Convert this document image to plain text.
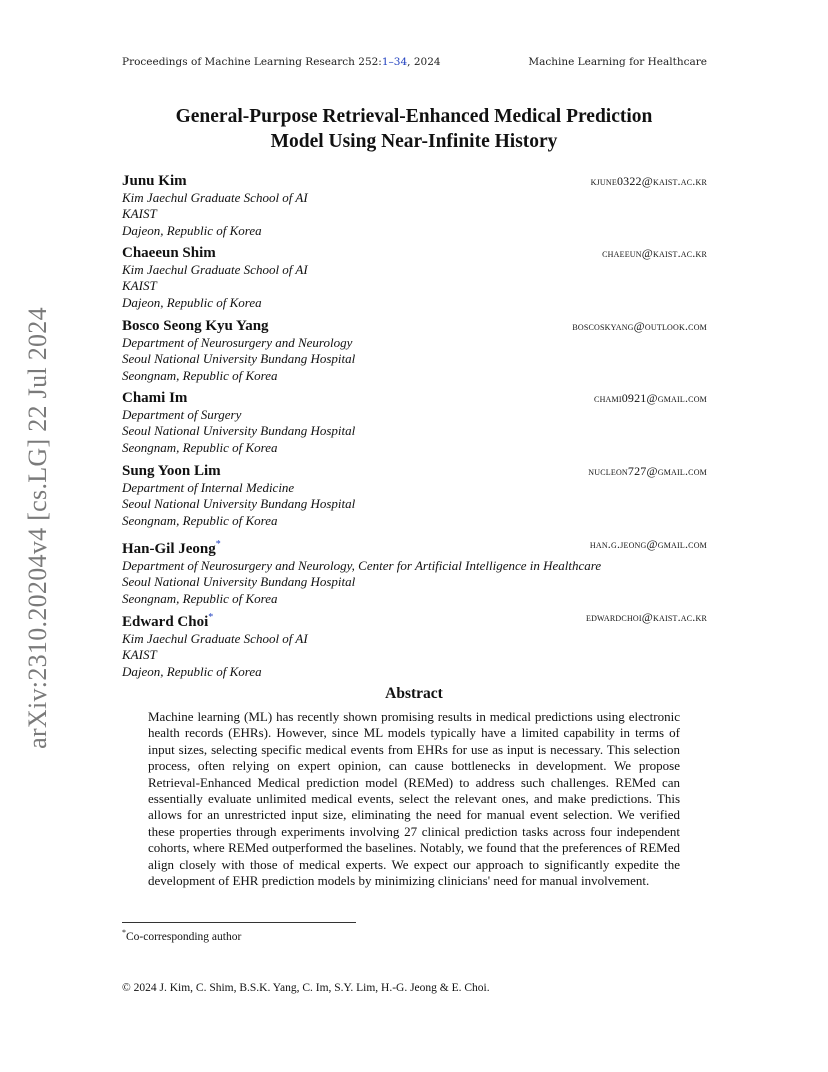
Proceedings of Machine Learning Research 252:1–34, 2024	Machine Learning for Healthcare
General-Purpose Retrieval-Enhanced Medical Prediction
Model Using Near-Infinite History
Junu Kim	kjune0322@kaist.ac.kr
Kim Jaechul Graduate School of AI
KAIST
Dajeon, Republic of Korea
Chaeeun Shim	chaeeun@kaist.ac.kr
Kim Jaechul Graduate School of AI
KAIST
Dajeon, Republic of Korea
Bosco Seong Kyu Yang	boscoskyang@outlook.com
Department of Neurosurgery and Neurology
Seoul National University Bundang Hospital
Seongnam, Republic of Korea
Chami Im	chami0921@gmail.com
Department of Surgery
Seoul National University Bundang Hospital
Seongnam, Republic of Korea
Sung Yoon Lim	nucleon727@gmail.com
Department of Internal Medicine
Seoul National University Bundang Hospital
Seongnam, Republic of Korea
Han-Gil Jeong*	han.g.jeong@gmail.com
Department of Neurosurgery and Neurology, Center for Artificial Intelligence in Healthcare
Seoul National University Bundang Hospital
Seongnam, Republic of Korea
Edward Choi*	edwardchoi@kaist.ac.kr
Kim Jaechul Graduate School of AI
KAIST
Dajeon, Republic of Korea
Abstract
Machine learning (ML) has recently shown promising results in medical predictions using electronic health records (EHRs). However, since ML models typically have a limited capability in terms of input sizes, selecting specific medical events from EHRs for use as input is necessary. This selection process, often relying on expert opinion, can cause bottlenecks in development. We propose Retrieval-Enhanced Medical prediction model (REMed) to address such challenges. REMed can essentially evaluate unlimited medical events, select the relevant ones, and make predictions. This allows for an unrestricted input size, eliminating the need for manual event selection. We verified these properties through experiments involving 27 clinical prediction tasks across four independent cohorts, where REMed outperformed the baselines. Notably, we found that the preferences of REMed align closely with those of medical experts. We expect our approach to significantly expedite the development of EHR prediction models by minimizing clinicians' need for manual involvement.
*Co-corresponding author
© 2024 J. Kim, C. Shim, B.S.K. Yang, C. Im, S.Y. Lim, H.-G. Jeong & E. Choi.
arXiv:2310.20204v4 [cs.LG] 22 Jul 2024
